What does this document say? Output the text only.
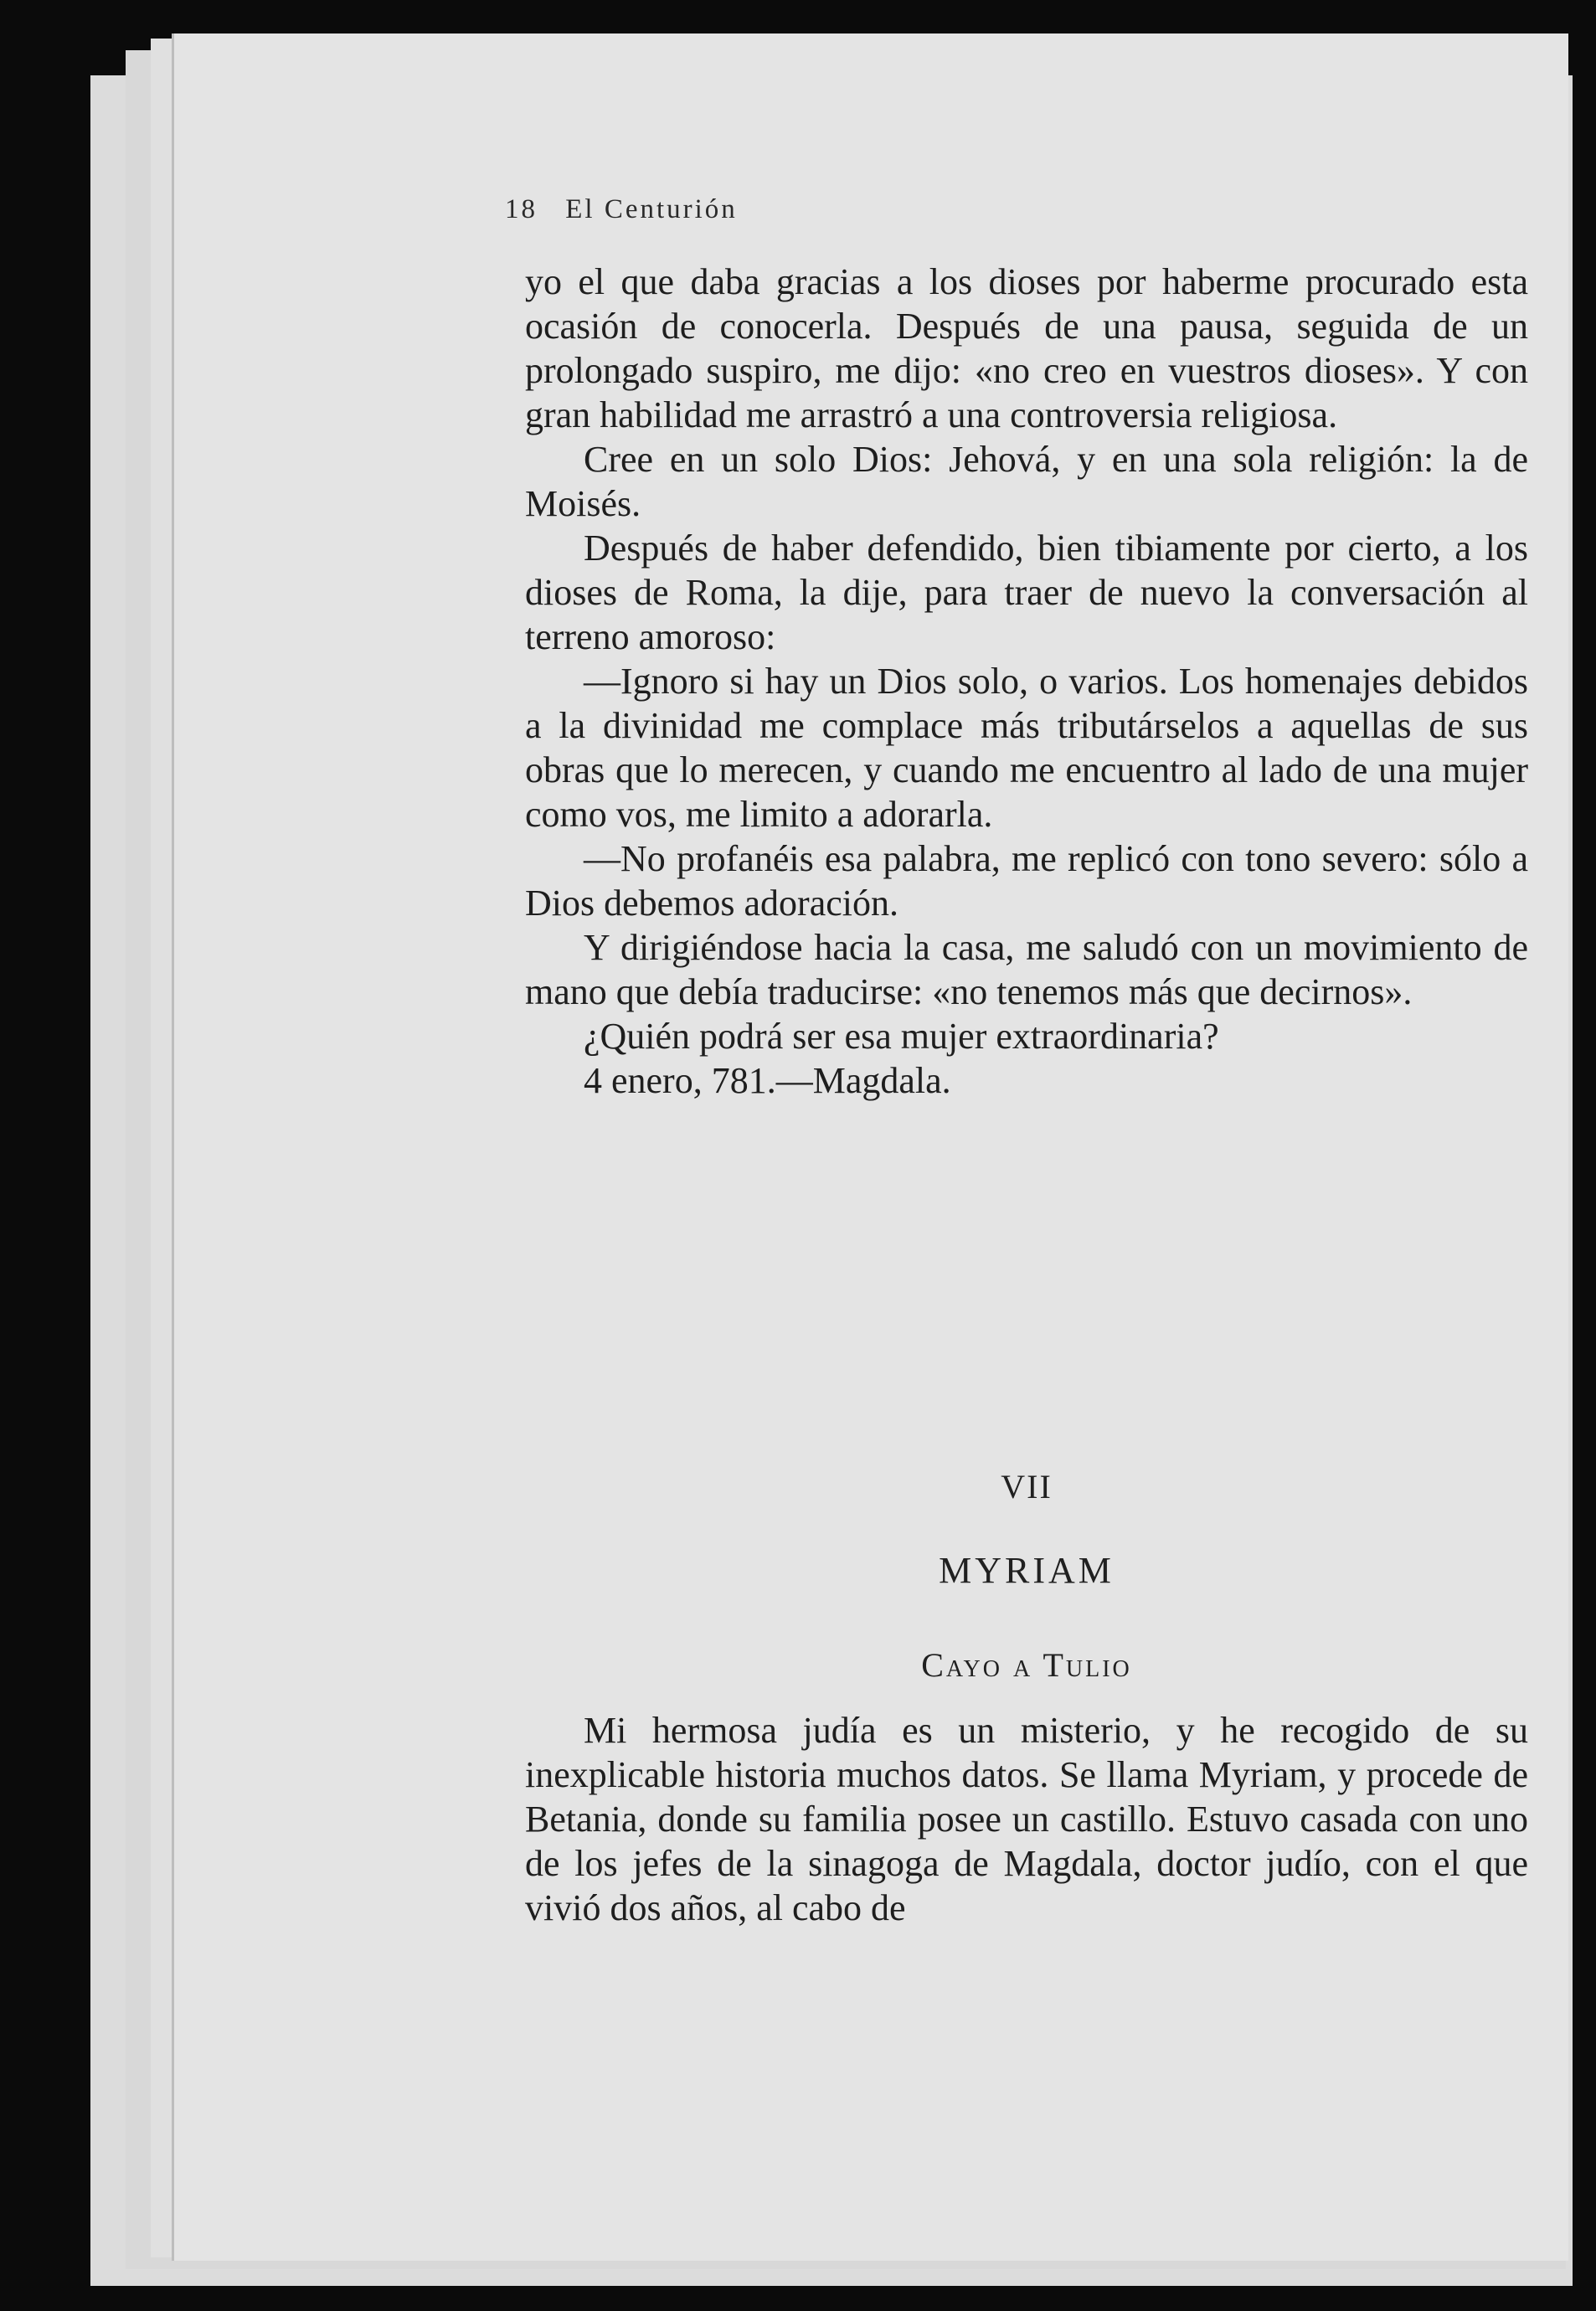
18 El Centurión

yo el que daba gracias a los dioses por haberme procurado esta ocasión de conocerla. Después de una pausa, seguida de un prolongado suspiro, me dijo: «no creo en vuestros dioses». Y con gran habilidad me arrastró a una controversia religiosa.

Cree en un solo Dios: Jehová, y en una sola religión: la de Moisés.

Después de haber defendido, bien tibiamente por cierto, a los dioses de Roma, la dije, para traer de nuevo la conversación al terreno amoroso:

—Ignoro si hay un Dios solo, o varios. Los homenajes debidos a la divinidad me complace más tributárselos a aquellas de sus obras que lo merecen, y cuando me encuentro al lado de una mujer como vos, me limito a adorarla.

—No profanéis esa palabra, me replicó con tono severo: sólo a Dios debemos adoración.

Y dirigiéndose hacia la casa, me saludó con un movimiento de mano que debía traducirse: «no tenemos más que decirnos».

¿Quién podrá ser esa mujer extraordinaria?

4 enero, 781.—Magdala.

VII
MYRIAM
Cayo a Tulio

Mi hermosa judía es un misterio, y he recogido de su inexplicable historia muchos datos. Se llama Myriam, y procede de Betania, donde su familia posee un castillo. Estuvo casada con uno de los jefes de la sinagoga de Magdala, doctor judío, con el que vivió dos años, al cabo de
